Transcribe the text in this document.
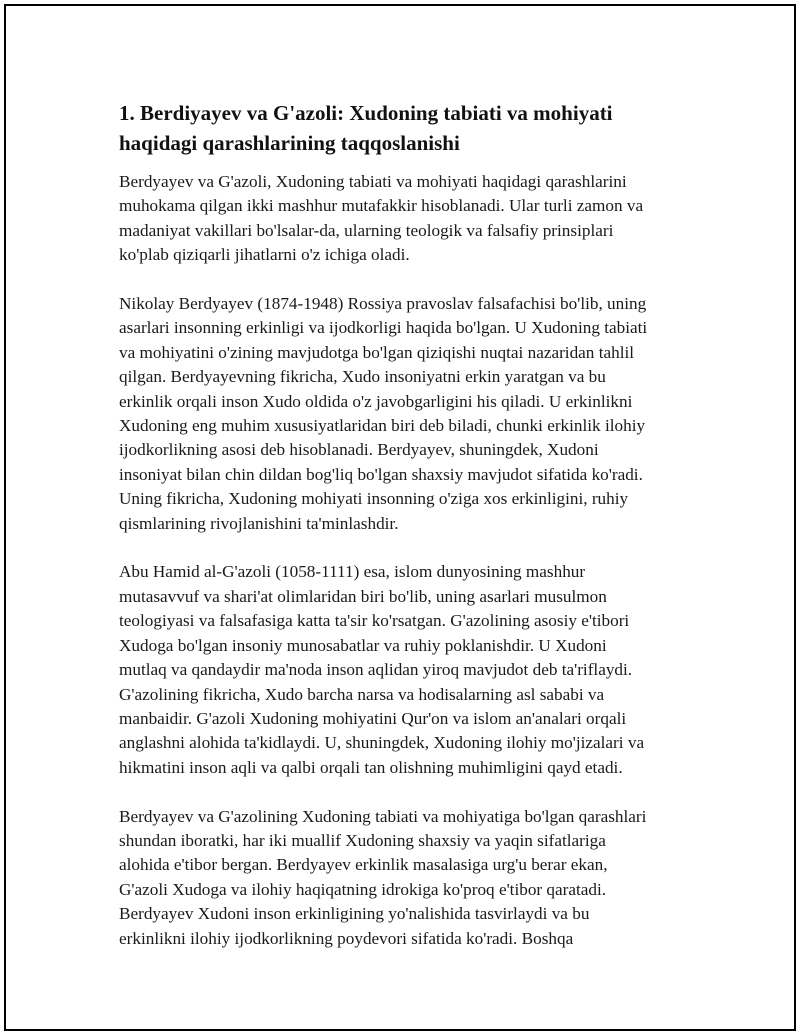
1. Berdiyayev va G'azoli: Xudoning tabiati va mohiyati
haqidagi qarashlarining taqqoslanishi

Berdyayev va G'azoli, Xudoning tabiati va mohiyati haqidagi qarashlarini
muhokama qilgan ikki mashhur mutafakkir hisoblanadi. Ular turli zamon va
madaniyat vakillari bo'lsalar-da, ularning teologik va falsafiy prinsiplari
ko'plab qiziqarli jihatlarni o'z ichiga oladi.

Nikolay Berdyayev (1874-1948) Rossiya pravoslav falsafachisi bo'lib, uning
asarlari insonning erkinligi va ijodkorligi haqida bo'lgan. U Xudoning tabiati
va mohiyatini o'zining mavjudotga bo'lgan qiziqishi nuqtai nazaridan tahlil
qilgan. Berdyayevning fikricha, Xudo insoniyatni erkin yaratgan va bu
erkinlik orqali inson Xudo oldida o'z javobgarligini his qiladi. U erkinlikni
Xudoning eng muhim xususiyatlaridan biri deb biladi, chunki erkinlik ilohiy
ijodkorlikning asosi deb hisoblanadi. Berdyayev, shuningdek, Xudoni
insoniyat bilan chin dildan bog'liq bo'lgan shaxsiy mavjudot sifatida ko'radi.
Uning fikricha, Xudoning mohiyati insonning o'ziga xos erkinligini, ruhiy
qismlarining rivojlanishini ta'minlashdir.

Abu Hamid al-G'azoli (1058-1111) esa, islom dunyosining mashhur
mutasavvuf va shari'at olimlaridan biri bo'lib, uning asarlari musulmon
teologiyasi va falsafasiga katta ta'sir ko'rsatgan. G'azolining asosiy e'tibori
Xudoga bo'lgan insoniy munosabatlar va ruhiy poklanishdir. U Xudoni
mutlaq va qandaydir ma'noda inson aqlidan yiroq mavjudot deb ta'riflaydi.
G'azolining fikricha, Xudo barcha narsa va hodisalarning asl sababi va
manbaidir. G'azoli Xudoning mohiyatini Qur'on va islom an'analari orqali
anglashni alohida ta'kidlaydi. U, shuningdek, Xudoning ilohiy mo'jizalari va
hikmatini inson aqli va qalbi orqali tan olishning muhimligini qayd etadi.

Berdyayev va G'azolining Xudoning tabiati va mohiyatiga bo'lgan qarashlari
shundan iboratki, har iki muallif Xudoning shaxsiy va yaqin sifatlariga
alohida e'tibor bergan. Berdyayev erkinlik masalasiga urg'u berar ekan,
G'azoli Xudoga va ilohiy haqiqatning idrokiga ko'proq e'tibor qaratadi.
Berdyayev Xudoni inson erkinligining yo'nalishida tasvirlaydi va bu
erkinlikni ilohiy ijodkorlikning poydevori sifatida ko'radi. Boshqa
